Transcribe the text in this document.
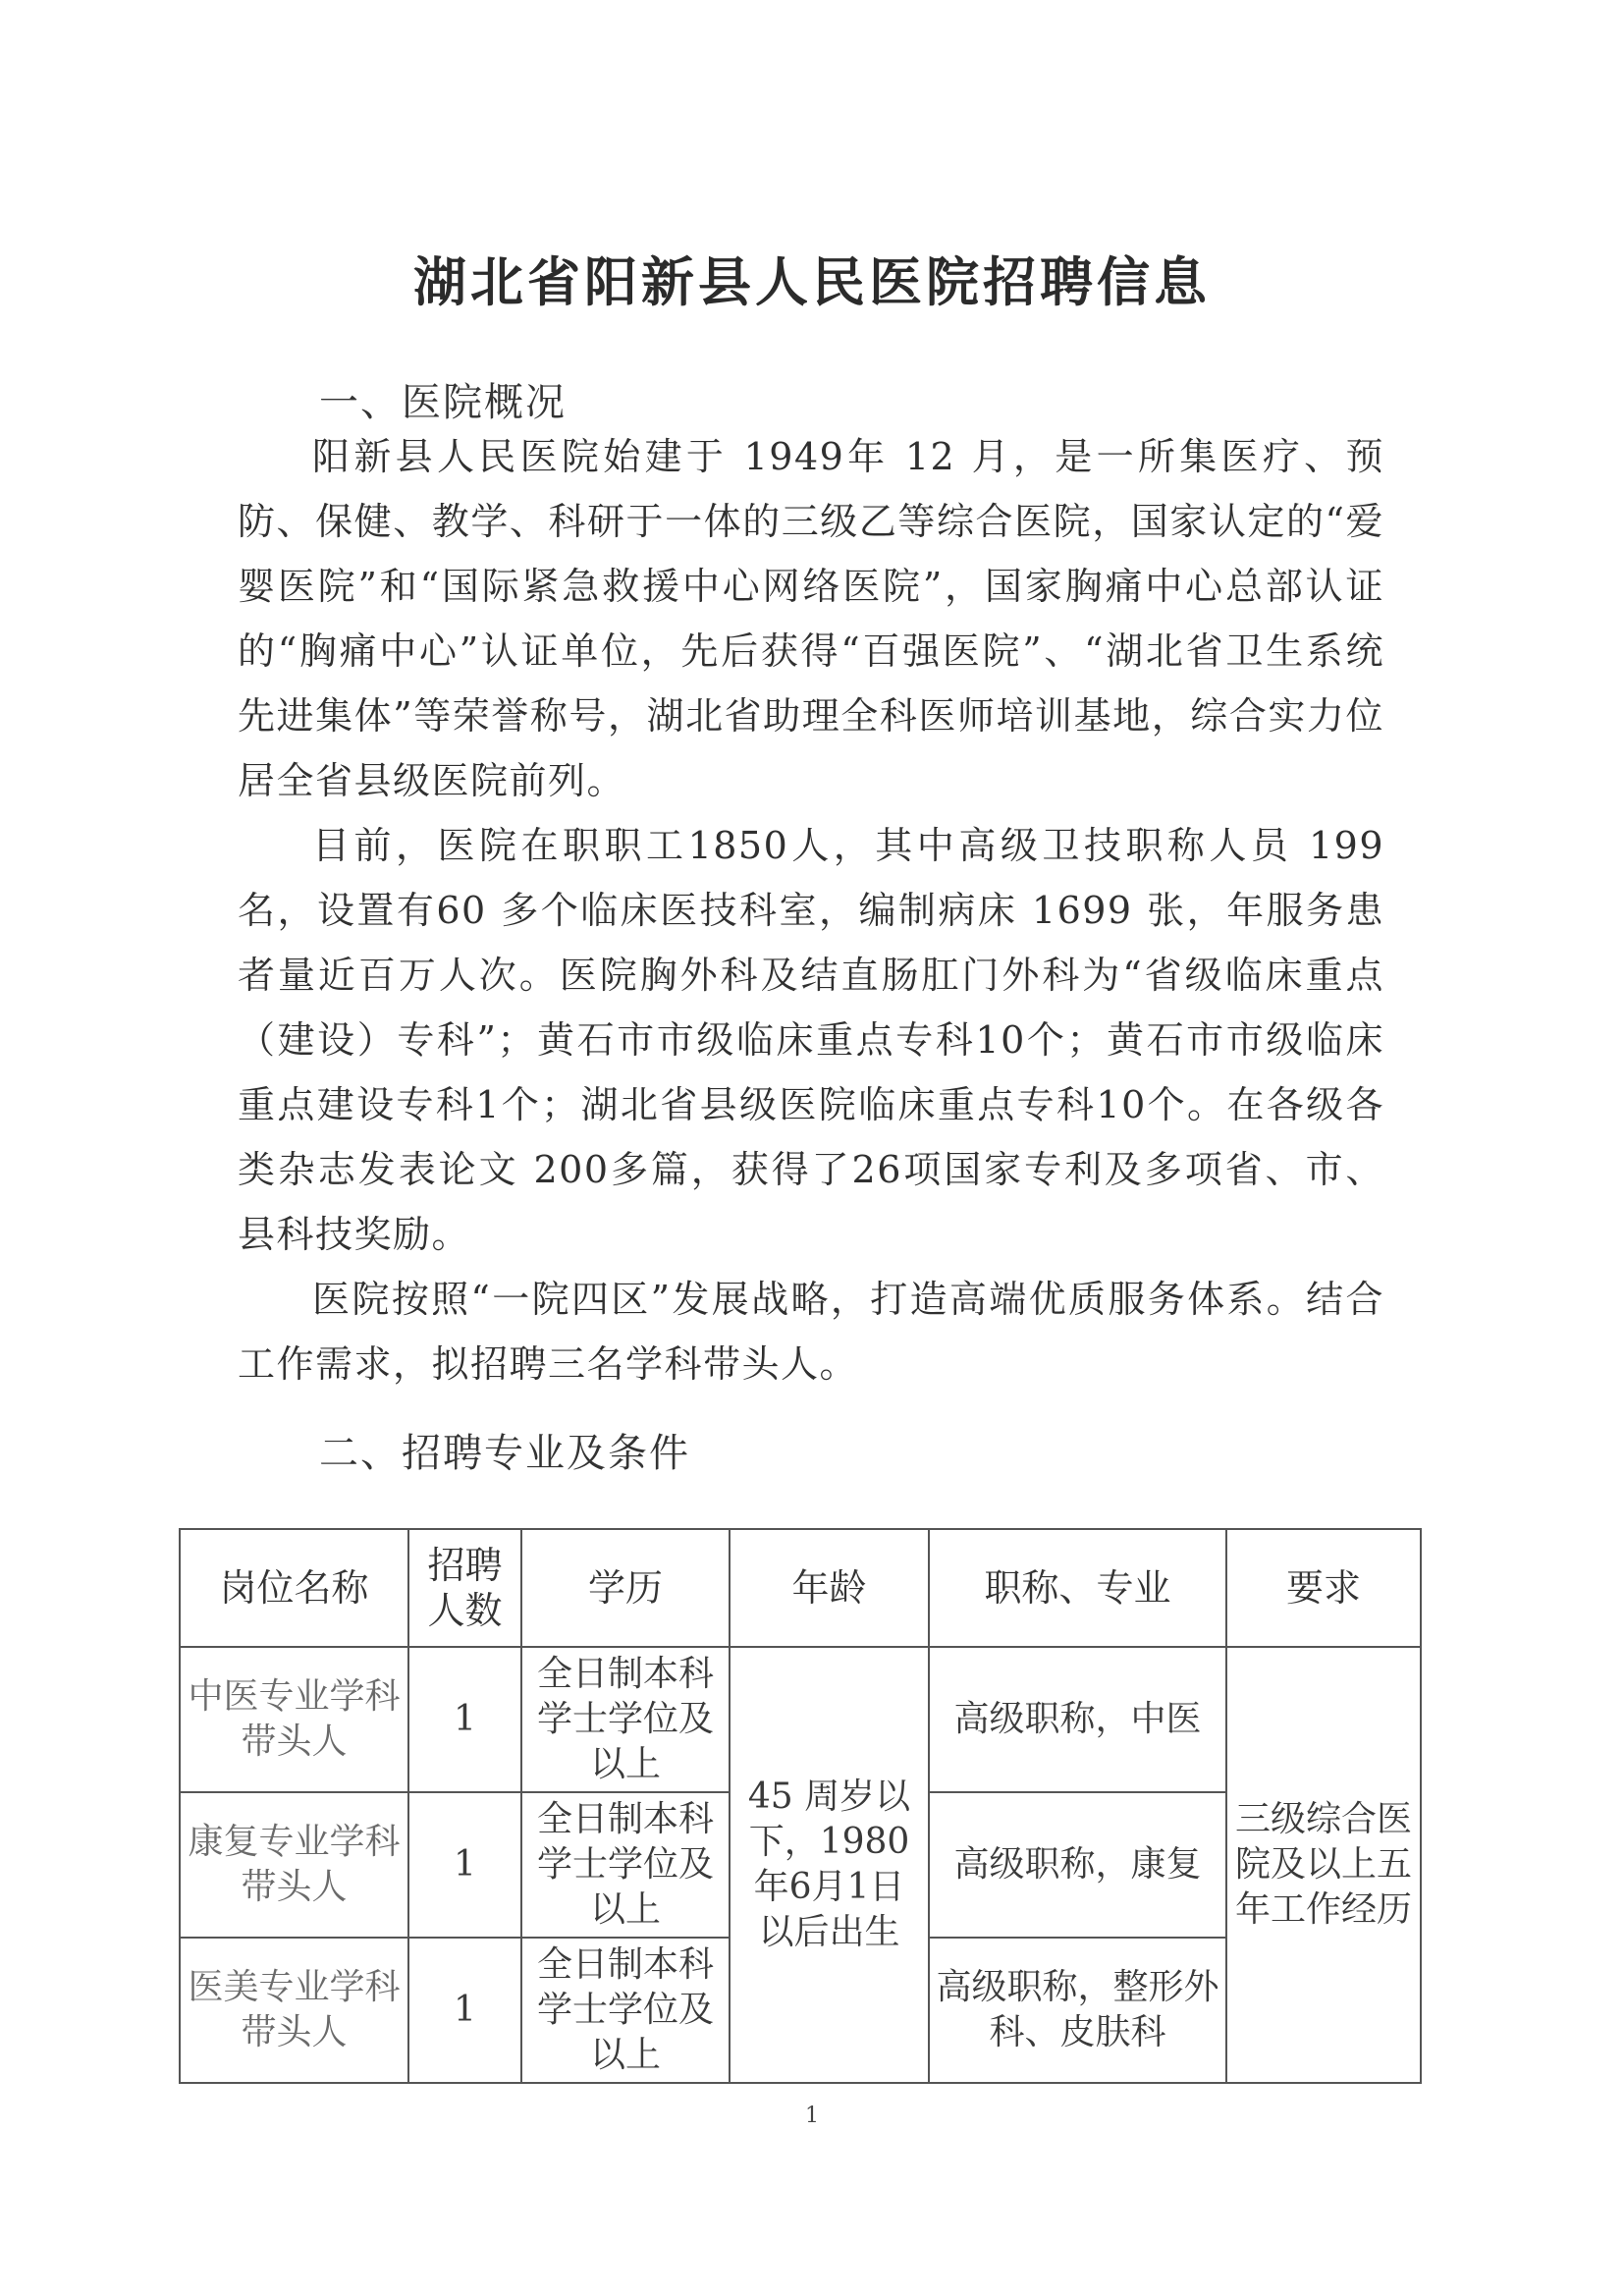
湖北省阳新县人民医院招聘信息
一、医院概况

阳新县人民医院始建于 1949年 12 月，是一所集医疗、预防、保健、教学、科研于一体的三级乙等综合医院，国家认定的“爱婴医院”和“国际紧急救援中心网络医院”，国家胸痛中心总部认证的“胸痛中心”认证单位，先后获得“百强医院”、“湖北省卫生系统先进集体”等荣誉称号，湖北省助理全科医师培训基地，综合实力位居全省县级医院前列。

目前，医院在职职工1850人，其中高级卫技职称人员 199名，设置有60 多个临床医技科室，编制病床 1699 张，年服务患者量近百万人次。医院胸外科及结直肠肛门外科为“省级临床重点（建设）专科”；黄石市市级临床重点专科10个；黄石市市级临床重点建设专科1个；湖北省县级医院临床重点专科10个。在各级各类杂志发表论文 200多篇，获得了26项国家专利及多项省、市、县科技奖励。

医院按照“一院四区”发展战略，打造高端优质服务体系。结合工作需求，拟招聘三名学科带头人。

二、招聘专业及条件
岗位名称	招聘人数	学历	年龄	职称、专业	要求
中医专业学科带头人	1	全日制本科 学士学位及以上	45 周岁以下，1980年6月1日以后出生	高级职称，中医	三级综合医院及以上五年工作经历
康复专业学科带头人	1	全日制本科 学士学位及以上		高级职称，康复	
医美专业学科带头人	1	全日制本科 学士学位及以上		高级职称，整形外科、皮肤科	
1
